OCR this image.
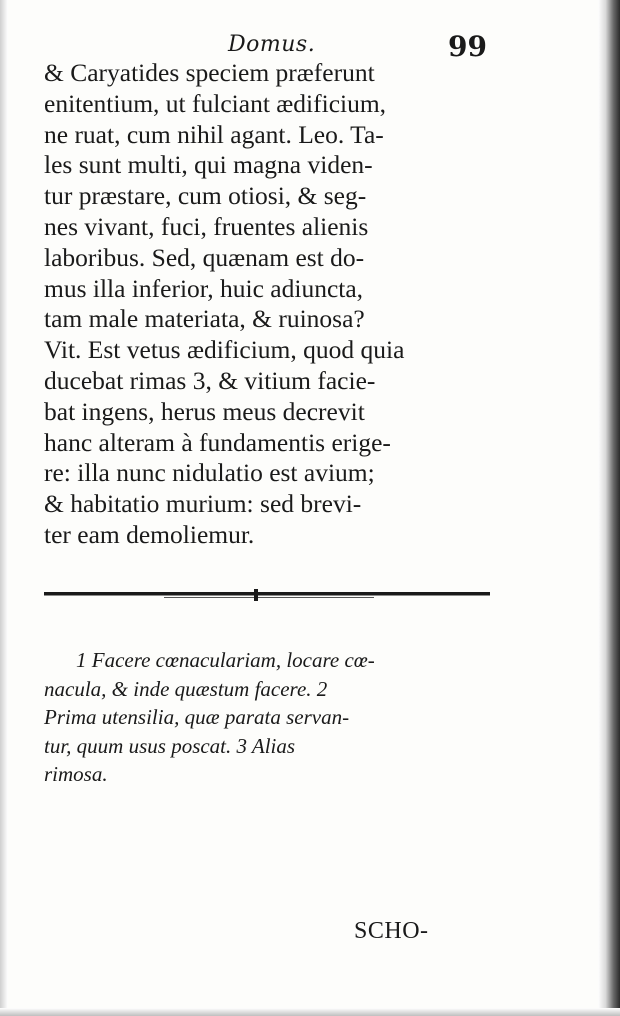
Domus.	99
& Caryatides speciem præferunt
enitentium, ut fulciant ædificium,
ne ruat, cum nihil agant. Leo. Ta-
les sunt multi, qui magna viden-
tur præstare, cum otiosi, & seg-
nes vivant, fuci, fruentes alienis
laboribus. Sed, quænam est do-
mus illa inferior, huic adiuncta,
tam male materiata, & ruinosa?
Vit. Est vetus ædificium, quod quia
ducebat rimas 3, & vitium facie-
bat ingens, herus meus decrevit
hanc alteram à fundamentis erige-
re: illa nunc nidulatio est avium;
& habitatio murium: sed brevi-
ter eam demoliemur.
1 Facere cœnaculariam, locare cœ-
nacula, & inde quæstum facere. 2
Prima utensilia, quæ parata servan-
tur, quum usus poscat. 3 Alias
rimosa.
SCHO-
